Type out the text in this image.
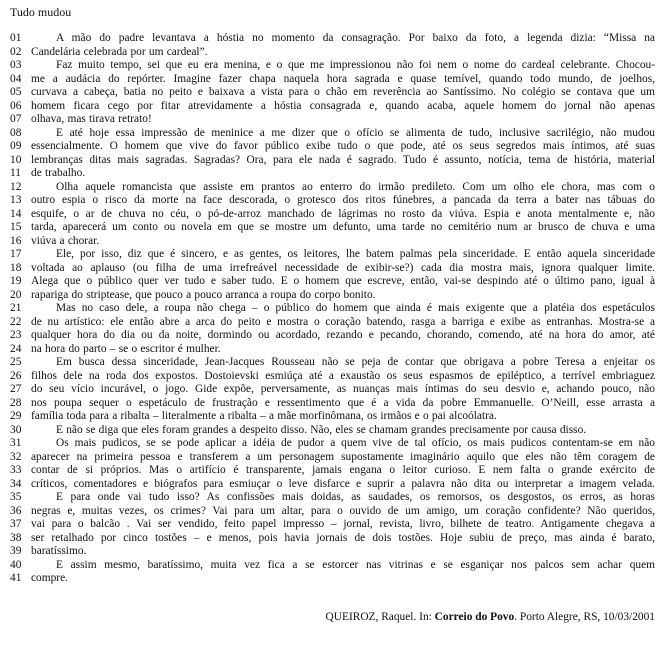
Tudo mudou
01	A mão do padre levantava a hóstia no momento da consagração. Por baixo da foto, a legenda dizia: “Missa na
02 Candelária celebrada por um cardeal”.
03	Faz muito tempo, sei que eu era menina, e o que me impressionou não foi nem o nome do cardeal celebrante. Chocou-
04 me a audácia do repórter. Imagine fazer chapa naquela hora sagrada e quase temível, quando todo mundo, de joelhos,
05 curvava a cabeça, batia no peito e baixava a vista para o chão em reverência ao Santíssimo. No colégio se contava que um
06 homem ficara cego por fitar atrevidamente a hóstia consagrada e, quando acaba, aquele homem do jornal não apenas
07 olhava, mas tirava retrato!
08	E até hoje essa impressão de meninice a me dizer que o ofício se alimenta de tudo, inclusive sacrilégio, não mudou
09 essencialmente. O homem que vive do favor público exibe tudo o que pode, até os seus segredos mais íntimos, até suas
10 lembranças ditas mais sagradas. Sagradas? Ora, para ele nada é sagrado. Tudo é assunto, notícia, tema de história, material
11 de trabalho.
12	Olha aquele romancista que assiste em prantos ao enterro do irmão predileto. Com um olho ele chora, mas com o
13 outro espia o risco da morte na face descorada, o grotesco dos ritos fúnebres, a pancada da terra a bater nas tábuas do
14 esquife, o ar de chuva no céu, o pó-de-arroz manchado de lágrimas no rosto da viúva. Espia e anota mentalmente e, não
15 tarda, aparecerá um conto ou novela em que se mostre um defunto, uma tarde no cemitério num ar brusco de chuva e uma
16 viúva a chorar.
17	Ele, por isso, diz que é sincero, e as gentes, os leitores, lhe batem palmas pela sinceridade. E então aquela sinceridade
18 voltada ao aplauso (ou filha de uma irrefreável necessidade de exibir-se?) cada dia mostra mais, ignora qualquer limite.
19 Alega que o público quer ver tudo e saber tudo. E o homem que escreve, então, vai-se despindo até o último pano, igual à
20 rapariga do striptease, que pouco a pouco arranca a roupa do corpo bonito.
21	Mas no caso dele, a roupa não chega – o público do homem que ainda é mais exigente que a platéia dos espetáculos
22 de nu artístico: ele então abre a arca do peito e mostra o coração batendo, rasga a barriga e exibe as entranhas. Mostra-se a
23 qualquer hora do dia ou da noite, dormindo ou acordado, rezando e pecando, chorando, comendo, até na hora do amor, até
24 na hora do parto – se o escritor é mulher.
25	Em busca dessa sinceridade, Jean-Jacques Rousseau não se peja de contar que obrigava a pobre Teresa a enjeitar os
26 filhos dele na roda dos expostos. Dostoievski esmiúça até a exaustão os seus espasmos de epiléptico, a terrível embriaguez
27 do seu vício incurável, o jogo. Gide expõe, perversamente, as nuanças mais íntimas do seu desvio e, achando pouco, não
28 nos poupa sequer o espetáculo de frustração e ressentimento que é a vida da pobre Emmanuelle. O’Neill, esse arrasta a
29 família toda para a ribalta – literalmente a ribalta – a mãe morfinômana, os irmãos e o pai alcoólatra.
30	E não se diga que eles foram grandes a despeito disso. Não, eles se chamam grandes precisamente por causa disso.
31	Os mais pudicos, se se pode aplicar a idéia de pudor a quem vive de tal ofício, os mais pudicos contentam-se em não
32 aparecer na primeira pessoa e transferem a um personagem supostamente imaginário aquilo que eles não têm coragem de
33 contar de si próprios. Mas o artifício é transparente, jamais engana o leitor curioso. E nem falta o grande exército de
34 críticos, comentadores e biógrafos para esmiuçar o leve disfarce e suprir a palavra não dita ou interpretar a imagem velada.
35	E para onde vai tudo isso? As confissões mais doidas, as saudades, os remorsos, os desgostos, os erros, as horas
36 negras e, muitas vezes, os crimes? Vai para um altar, para o ouvido de um amigo, um coração confidente? Não queridos,
37 vai para o balcão . Vai ser vendido, feito papel impresso – jornal, revista, livro, bilhete de teatro. Antigamente chegava a
38 ser retalhado por cinco tostões – e menos, pois havia jornais de dois tostões. Hoje subiu de preço, mas ainda é barato,
39 baratíssimo.
40	E assim mesmo, baratíssimo, muita vez fica a se estorcer nas vitrinas e se esganiçar nos palcos sem achar quem
41 compre.
QUEIROZ, Raquel. In: Correio do Povo. Porto Alegre, RS, 10/03/2001
